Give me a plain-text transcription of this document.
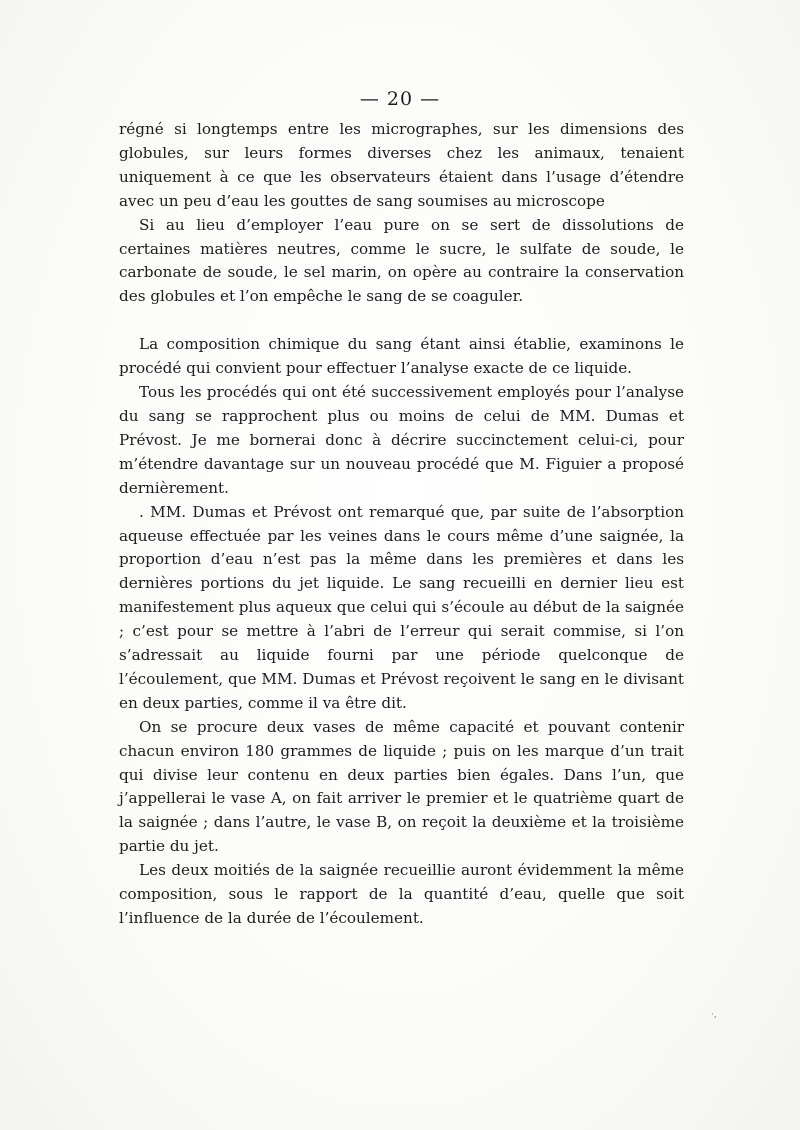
— 20 —

régné si longtemps entre les micrographes, sur les dimensions des globules, sur leurs formes diverses chez les animaux, tenaient uniquement à ce que les observateurs étaient dans l’usage d’étendre avec un peu d’eau les gouttes de sang soumises au microscope

Si au lieu d’employer l’eau pure on se sert de dissolutions de certaines matières neutres, comme le sucre, le sulfate de soude, le carbonate de soude, le sel marin, on opère au contraire la conservation des globules et l’on empêche le sang de se coaguler.

La composition chimique du sang étant ainsi établie, examinons le procédé qui convient pour effectuer l’analyse exacte de ce liquide.

Tous les procédés qui ont été successivement employés pour l’analyse du sang se rapprochent plus ou moins de celui de MM. Dumas et Prévost. Je me bornerai donc à décrire succinctement celui-ci, pour m’étendre davantage sur un nouveau procédé que M. Figuier a proposé dernièrement.

. MM. Dumas et Prévost ont remarqué que, par suite de l’absorption aqueuse effectuée par les veines dans le cours même d’une saignée, la proportion d’eau n’est pas la même dans les premières et dans les dernières portions du jet liquide. Le sang recueilli en dernier lieu est manifestement plus aqueux que celui qui s’écoule au début de la saignée ; c’est pour se mettre à l’abri de l’erreur qui serait commise, si l’on s’adressait au liquide fourni par une période quelconque de l’écoulement, que MM. Dumas et Prévost reçoivent le sang en le divisant en deux parties, comme il va être dit.

On se procure deux vases de même capacité et pouvant contenir chacun environ 180 grammes de liquide ; puis on les marque d’un trait qui divise leur contenu en deux parties bien égales. Dans l’un, que j’appellerai le vase A, on fait arriver le premier et le quatrième quart de la saignée ; dans l’autre, le vase B, on reçoit la deuxième et la troisième partie du jet.

Les deux moitiés de la saignée recueillie auront évidemment la même composition, sous le rapport de la quantité d’eau, quelle que soit l’influence de la durée de l’écoulement.

·,
